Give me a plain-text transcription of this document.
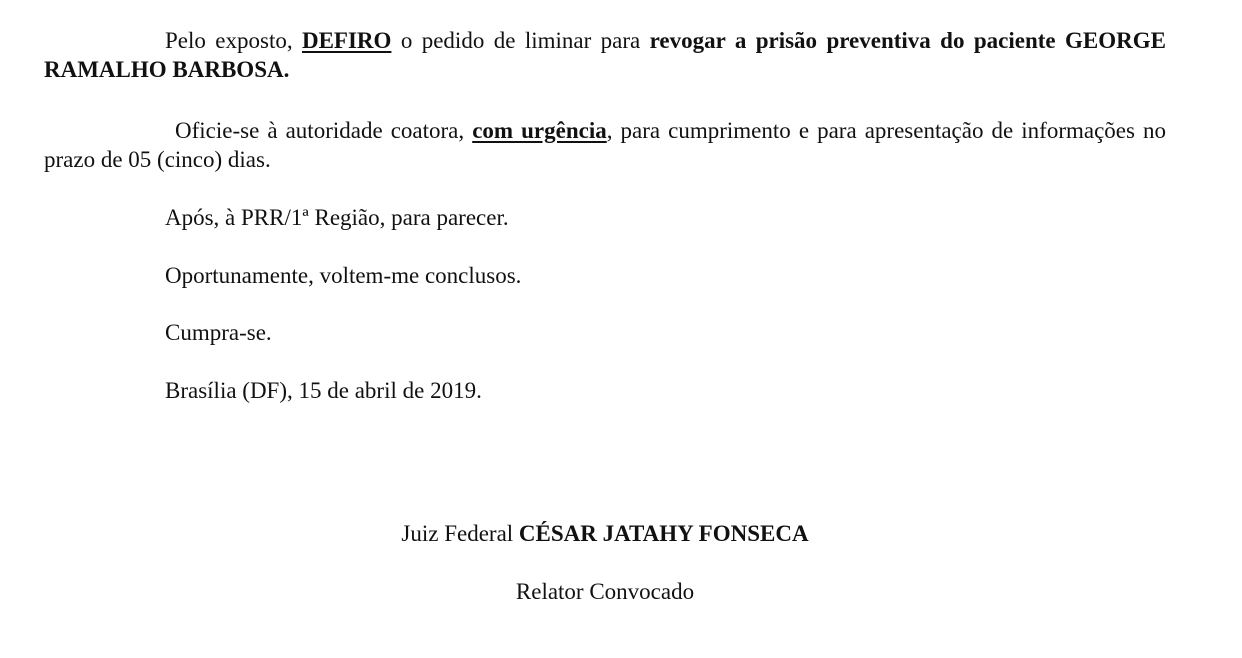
Pelo exposto, DEFIRO o pedido de liminar para revogar a prisão preventiva do paciente GEORGE RAMALHO BARBOSA.

Oficie-se à autoridade coatora, com urgência, para cumprimento e para apresentação de informações no prazo de 05 (cinco) dias.

Após, à PRR/1ª Região, para parecer.

Oportunamente, voltem-me conclusos.

Cumpra-se.

Brasília (DF), 15 de abril de 2019.

Juiz Federal CÉSAR JATAHY FONSECA

Relator Convocado
